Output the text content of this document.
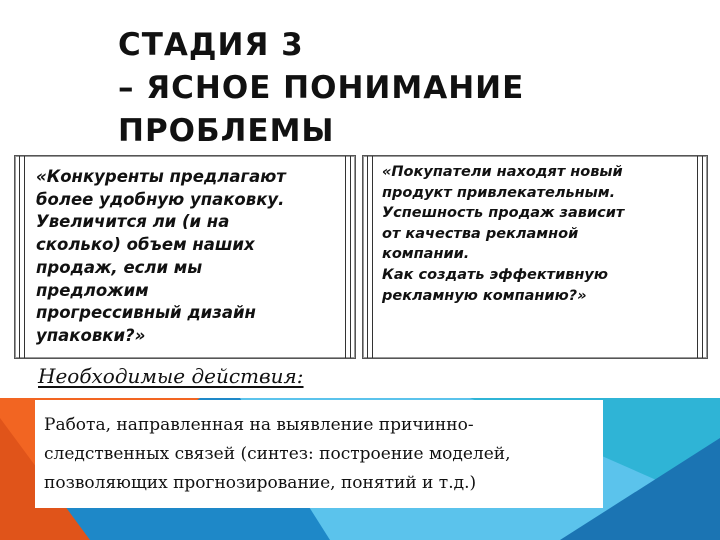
СТАДИЯ 3
– ЯСНОЕ ПОНИМАНИЕ
ПРОБЛЕМЫ
«Конкуренты предлагают
более удобную упаковку.
Увеличится ли (и на
сколько) объем наших
продаж, если мы
предложим
прогрессивный дизайн
упаковки?»
«Покупатели находят новый
продукт привлекательным.
Успешность продаж зависит
от качества рекламной
компании.
Как создать эффективную
рекламную компанию?»

Необходимые действия:

Работа, направленная на выявление причинно-
следственных связей (синтез: построение моделей,
позволяющих прогнозирование, понятий и т.д.)
